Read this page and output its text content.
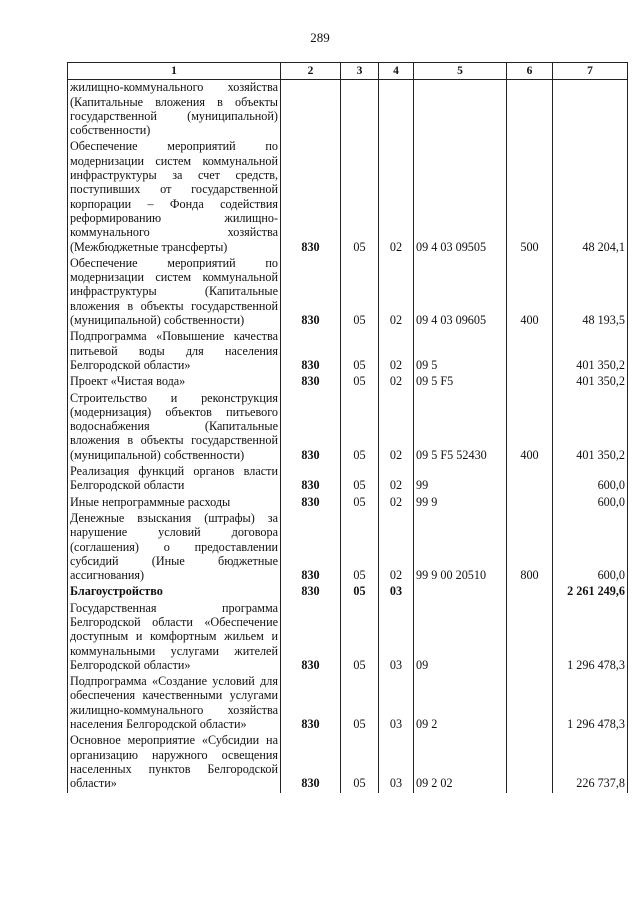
289
1	2	3	4	5	6	7
жилищно-коммунального хозяйства (Капитальные вложения в объекты государственной (муниципальной) собственности)						
Обеспечение мероприятий по модернизации систем коммунальной инфраструктуры за счет средств, поступивших от государственной корпорации – Фонда содействия реформированию жилищно-коммунального хозяйства (Межбюджетные трансферты)	830	05	02	09 4 03 09505	500	48 204,1
Обеспечение мероприятий по модернизации систем коммунальной инфраструктуры (Капитальные вложения в объекты государственной (муниципальной) собственности)	830	05	02	09 4 03 09605	400	48 193,5
Подпрограмма «Повышение качества питьевой воды для населения Белгородской области»	830	05	02	09 5		401 350,2
Проект «Чистая вода»	830	05	02	09 5 F5		401 350,2
Строительство и реконструкция (модернизация) объектов питьевого водоснабжения (Капитальные вложения в объекты государственной (муниципальной) собственности)	830	05	02	09 5 F5 52430	400	401 350,2
Реализация функций органов власти Белгородской области	830	05	02	99		600,0
Иные непрограммные расходы	830	05	02	99 9		600,0
Денежные взыскания (штрафы) за нарушение условий договора (соглашения) о предоставлении субсидий (Иные бюджетные ассигнования)	830	05	02	99 9 00 20510	800	600,0
Благоустройство	830	05	03			2 261 249,6
Государственная программа Белгородской области «Обеспечение доступным и комфортным жильем и коммунальными услугами жителей Белгородской области»	830	05	03	09		1 296 478,3
Подпрограмма «Создание условий для обеспечения качественными услугами жилищно-коммунального хозяйства населения Белгородской области»	830	05	03	09 2		1 296 478,3
Основное мероприятие «Субсидии на организацию наружного освещения населенных пунктов Белгородской области»	830	05	03	09 2 02		226 737,8
